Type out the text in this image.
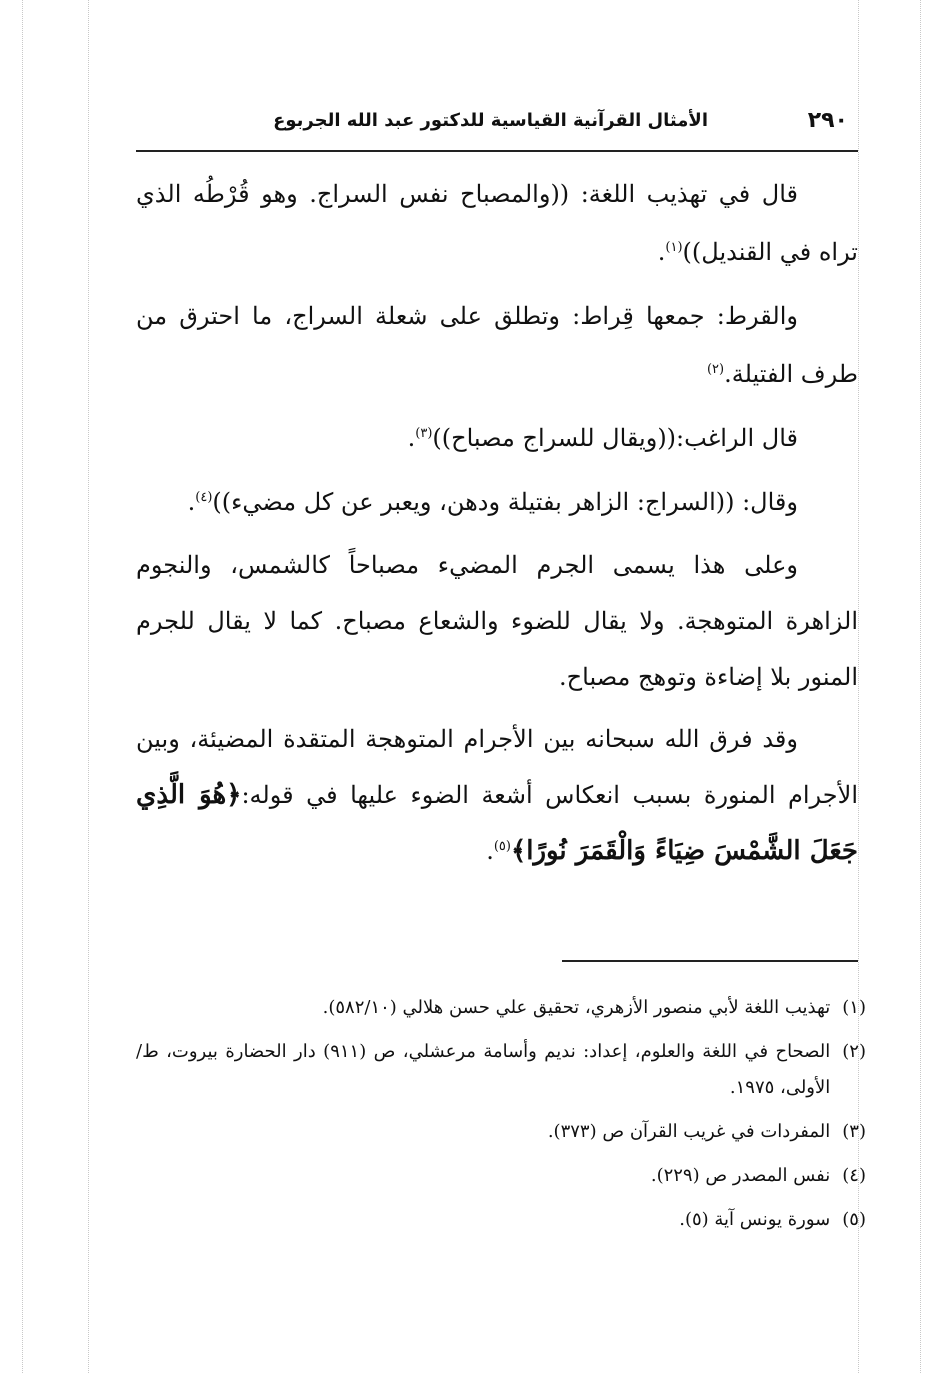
٢٩٠
الأمثال القرآنية القياسية للدكتور عبد الله الجربوع

قال في تهذيب اللغة: ((والمصباح نفس السراج. وهو قُرْطُه الذي تراه في القنديل))$^{(١)}$.

والقرط: جمعها قِراط: وتطلق على شعلة السراج، ما احترق من طرف الفتيلة.$^{(٢)}$

قال الراغب:((ويقال للسراج مصباح))$^{(٣)}$.

وقال: ((السراج: الزاهر بفتيلة ودهن، ويعبر عن كل مضيء))$^{(٤)}$.

وعلى هذا يسمى الجرم المضيء مصباحاً كالشمس، والنجوم الزاهرة المتوهجة. ولا يقال للضوء والشعاع مصباح. كما لا يقال للجرم المنور بلا إضاءة وتوهج مصباح.

وقد فرق الله سبحانه بين الأجرام المتوهجة المتقدة المضيئة، وبين الأجرام المنورة بسبب انعكاس أشعة الضوء عليها في قوله:﴿هُوَ الَّذِي جَعَلَ الشَّمْسَ ضِيَاءً وَالْقَمَرَ نُورًا﴾$^{(٥)}$.

(١)
تهذيب اللغة لأبي منصور الأزهري، تحقيق علي حسن هلالي (٥٨٢/١٠).
(٢)
الصحاح في اللغة والعلوم، إعداد: نديم وأسامة مرعشلي، ص (٩١١) دار الحضارة بيروت، ط/ الأولى، ١٩٧٥.
(٣)
المفردات في غريب القرآن ص (٣٧٣).
(٤)
نفس المصدر ص (٢٢٩).
(٥)
سورة يونس آية (٥).
